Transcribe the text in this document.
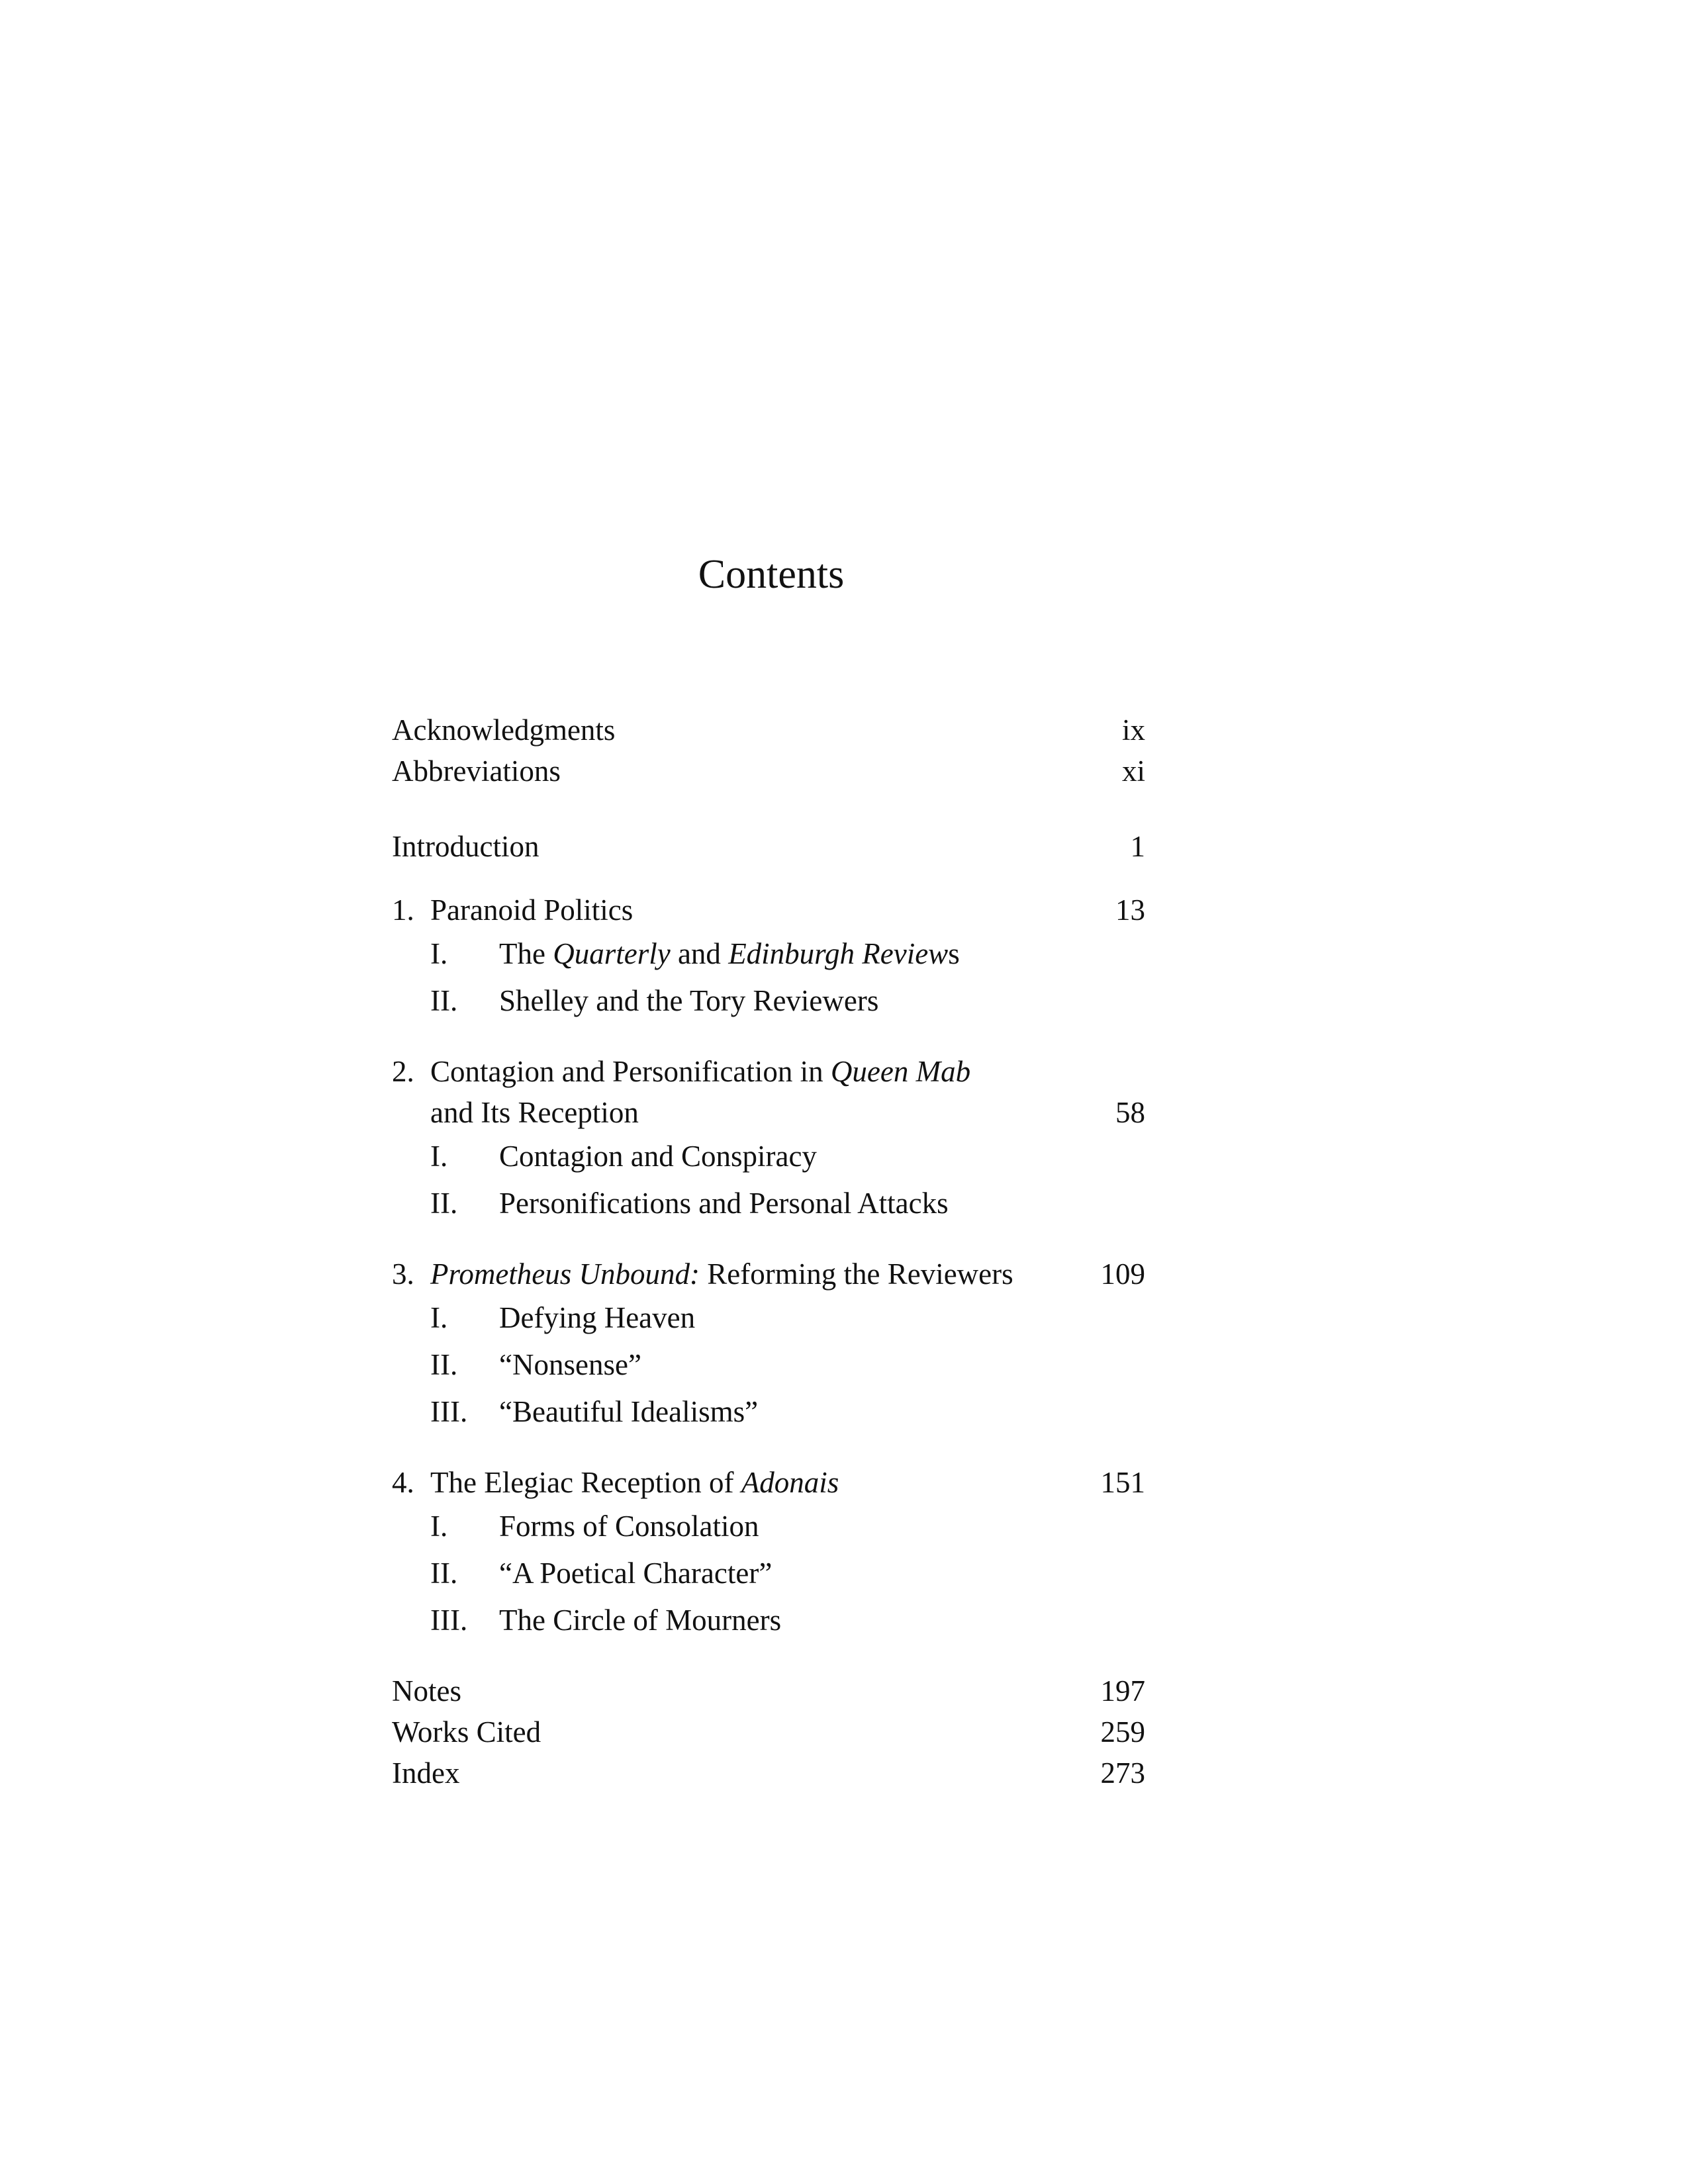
Contents
Acknowledgments	ix
Abbreviations	xi
Introduction	1
1. Paranoid Politics	13
I. The Quarterly and Edinburgh Reviews
II. Shelley and the Tory Reviewers
2. Contagion and Personification in Queen Mab
and Its Reception	58
I. Contagion and Conspiracy
II. Personifications and Personal Attacks
3. Prometheus Unbound: Reforming the Reviewers	109
I. Defying Heaven
II. “Nonsense”
III. “Beautiful Idealisms”
4. The Elegiac Reception of Adonais	151
I. Forms of Consolation
II. “A Poetical Character”
III. The Circle of Mourners
Notes	197
Works Cited	259
Index	273
